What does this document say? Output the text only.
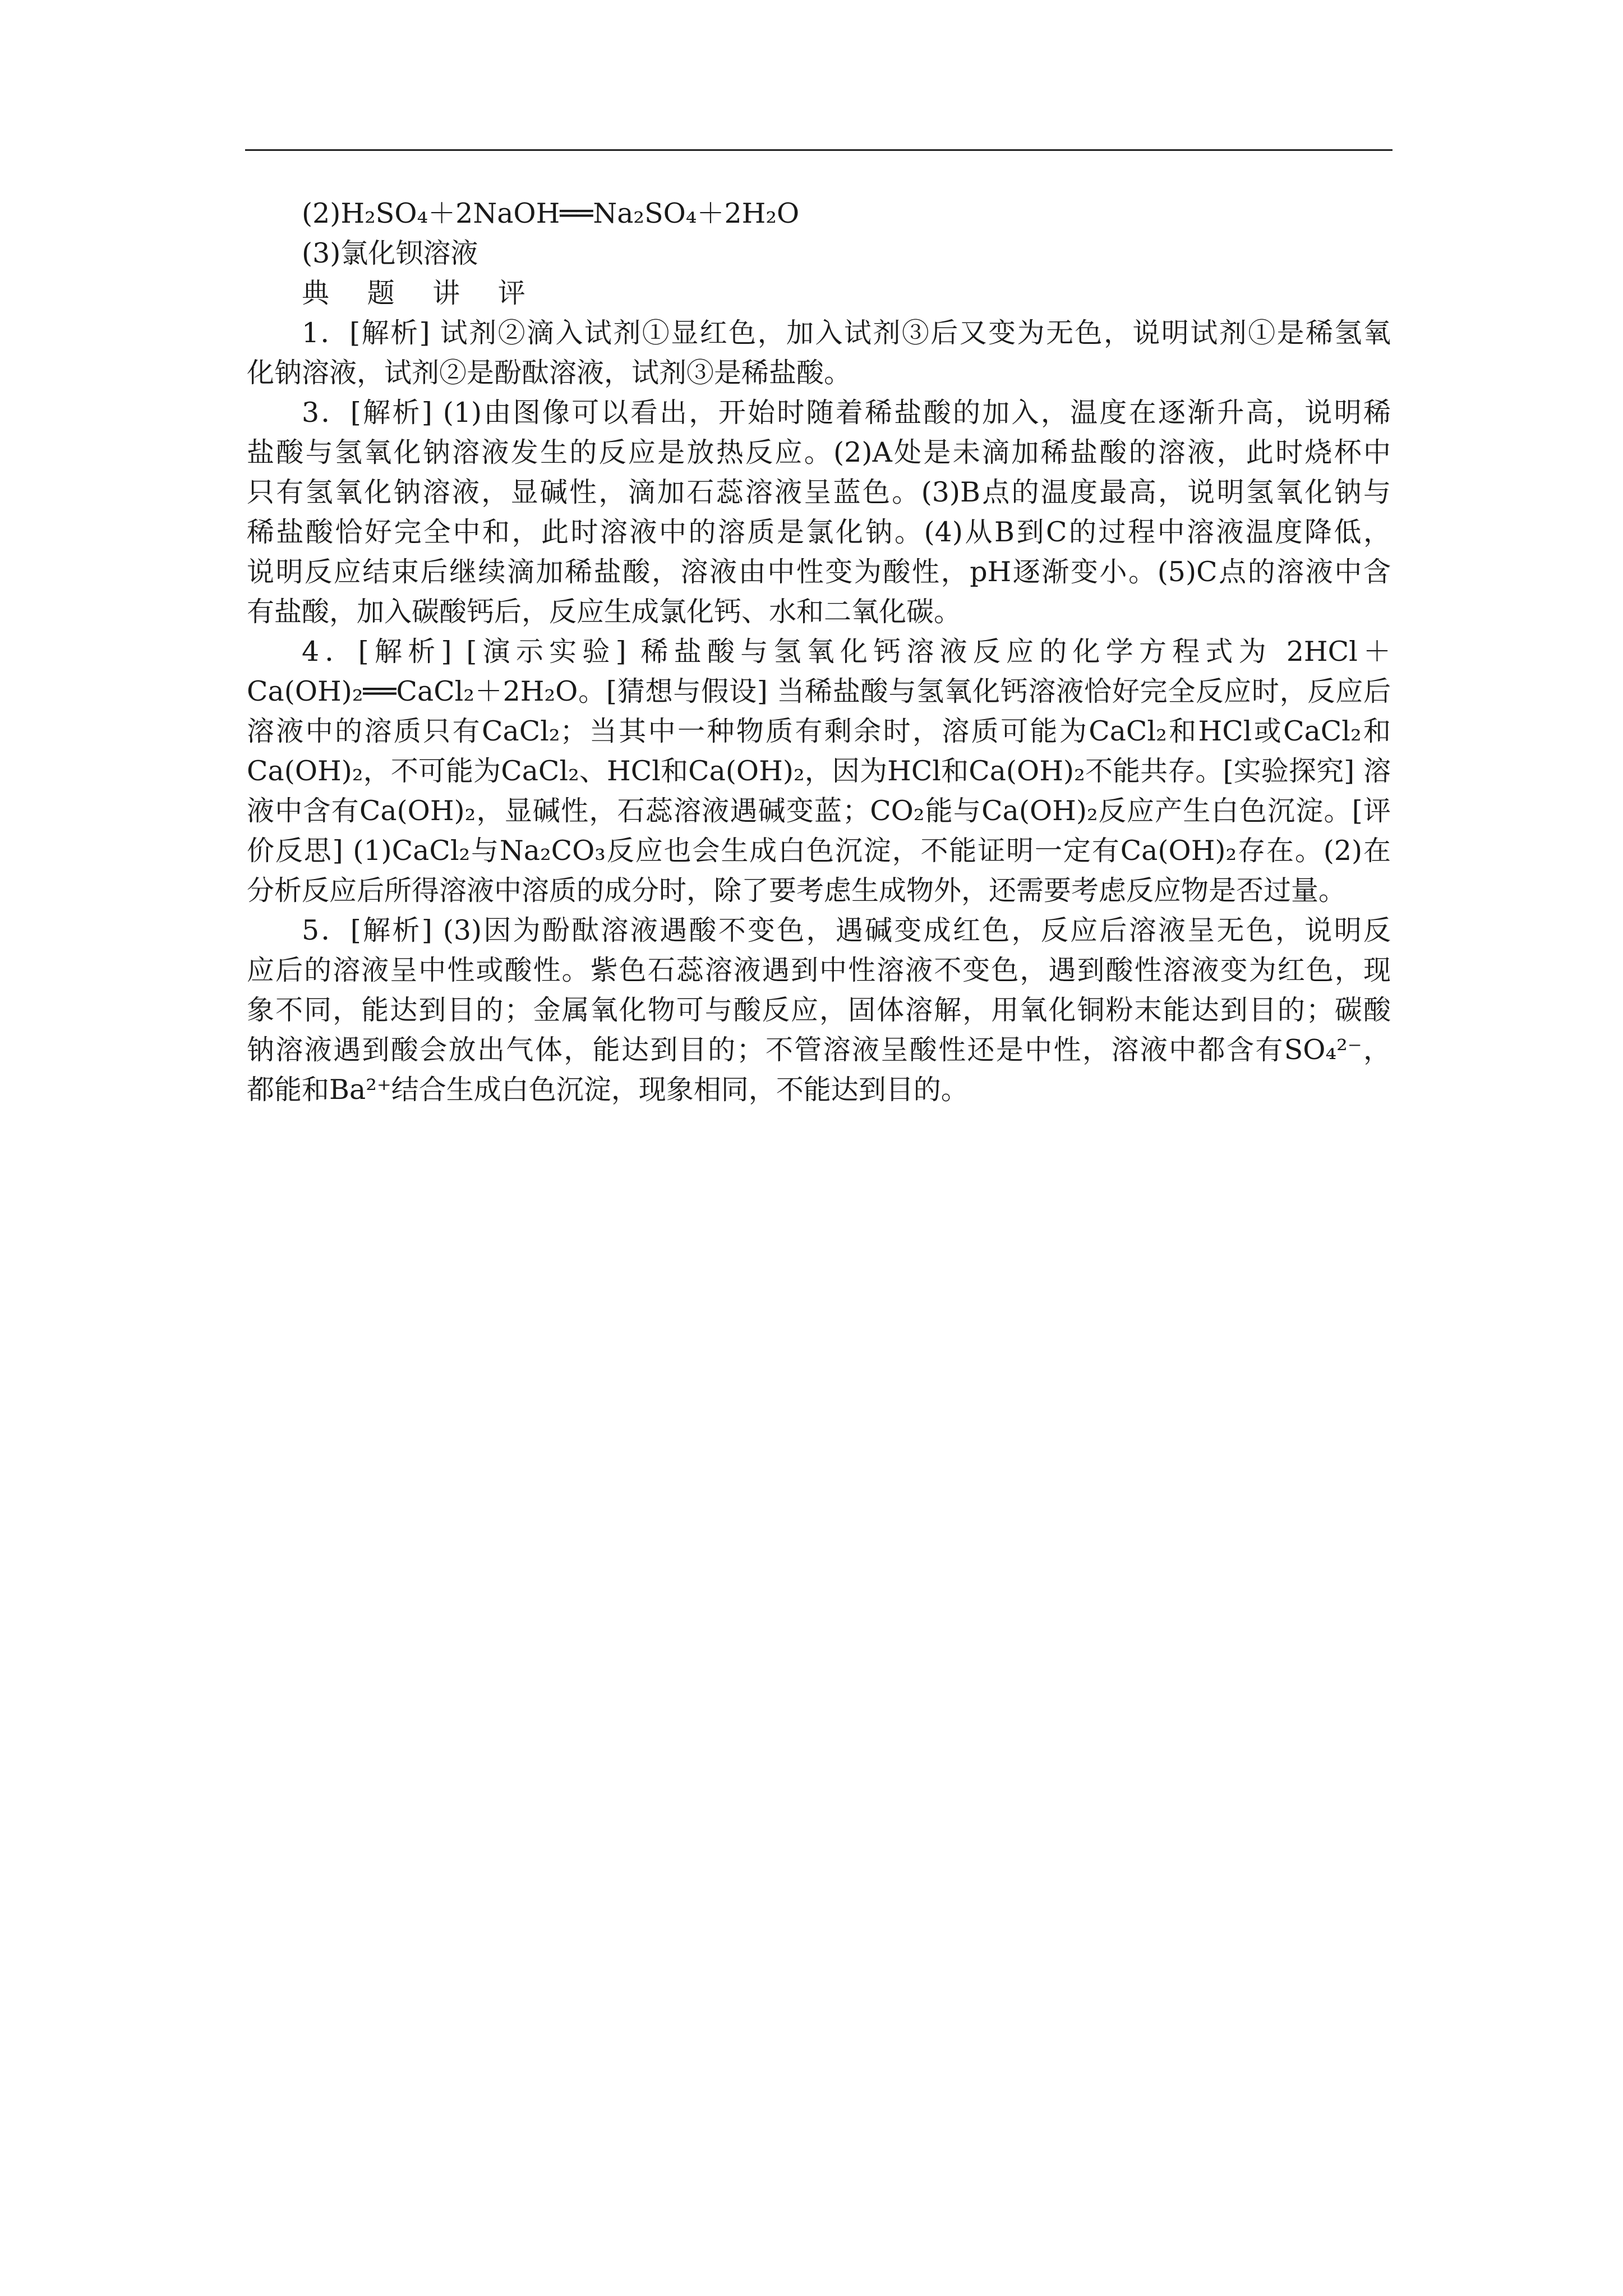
(2)H₂SO₄＋2NaOH══Na₂SO₄＋2H₂O
(3)氯化钡溶液
典 题 讲 评
1．[解析] 试剂②滴入试剂①显红色，加入试剂③后又变为无色，说明试剂①是稀氢氧
化钠溶液，试剂②是酚酞溶液，试剂③是稀盐酸。
3．[解析] (1)由图像可以看出，开始时随着稀盐酸的加入，温度在逐渐升高，说明稀
盐酸与氢氧化钠溶液发生的反应是放热反应。(2)A处是未滴加稀盐酸的溶液，此时烧杯中
只有氢氧化钠溶液，显碱性，滴加石蕊溶液呈蓝色。(3)B点的温度最高，说明氢氧化钠与
稀盐酸恰好完全中和，此时溶液中的溶质是氯化钠。(4)从B到C的过程中溶液温度降低，
说明反应结束后继续滴加稀盐酸，溶液由中性变为酸性，pH逐渐变小。(5)C点的溶液中含
有盐酸，加入碳酸钙后，反应生成氯化钙、水和二氧化碳。
4．[解析] [演示实验] 稀盐酸与氢氧化钙溶液反应的化学方程式为 2HCl＋
Ca(OH)₂══CaCl₂＋2H₂O。[猜想与假设] 当稀盐酸与氢氧化钙溶液恰好完全反应时，反应后
溶液中的溶质只有CaCl₂；当其中一种物质有剩余时，溶质可能为CaCl₂和HCl或CaCl₂和
Ca(OH)₂，不可能为CaCl₂、HCl和Ca(OH)₂，因为HCl和Ca(OH)₂不能共存。[实验探究] 溶
液中含有Ca(OH)₂，显碱性，石蕊溶液遇碱变蓝；CO₂能与Ca(OH)₂反应产生白色沉淀。[评
价反思] (1)CaCl₂与Na₂CO₃反应也会生成白色沉淀，不能证明一定有Ca(OH)₂存在。(2)在
分析反应后所得溶液中溶质的成分时，除了要考虑生成物外，还需要考虑反应物是否过量。
5．[解析] (3)因为酚酞溶液遇酸不变色，遇碱变成红色，反应后溶液呈无色，说明反
应后的溶液呈中性或酸性。紫色石蕊溶液遇到中性溶液不变色，遇到酸性溶液变为红色，现
象不同，能达到目的；金属氧化物可与酸反应，固体溶解，用氧化铜粉末能达到目的；碳酸
钠溶液遇到酸会放出气体，能达到目的；不管溶液呈酸性还是中性，溶液中都含有SO₄²⁻，
都能和Ba²⁺结合生成白色沉淀，现象相同，不能达到目的。
